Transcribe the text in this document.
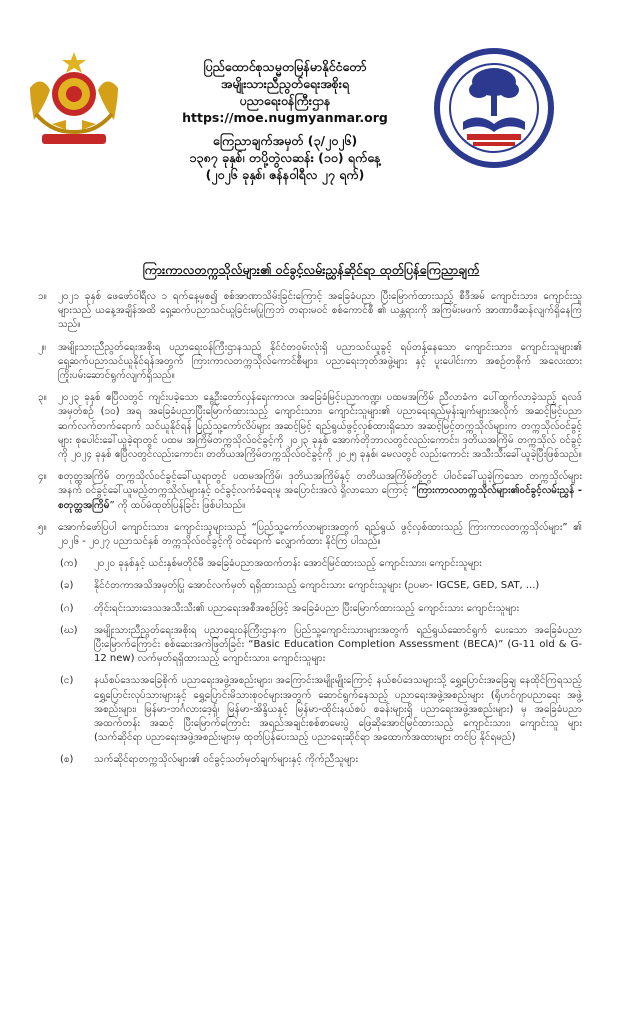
ပြည်ထောင်စုသမ္မတမြန်မာနိုင်ငံတော်
အမျိုးသားညီညွတ်ရေးအစိုးရ
ပညာရေးဝန်ကြီးဌာန
https://moe.nugmyanmar.org
ကြေညာချက်အမှတ် (၃/၂၀၂၆)
၁၃၈၇ ခုနှစ်၊ တပို့တွဲလဆန်း (၁၀) ရက်နေ့
(၂၀၂၆ ခုနှစ်၊ ဇန်နဝါရီလ ၂၇ ရက်)
ကြားကာလတက္ကသိုလ်များ၏ ဝင်ခွင့်လမ်းညွှန်ဆိုင်ရာ ထုတ်ပြန်ကြေညာချက်
၁။ ၂၀၂၁ ခုနှစ် ဖေဖော်ဝါရီလ ၁ ရက်နေ့မှစ၍ စစ်အာဏာသိမ်းခြင်းကြောင့် အခြေခံပညာ ပြီးမြောက်ထားသည့် စီဒီအမ် ကျောင်းသား၊ ကျောင်းသူများသည် ယနေ့အချိန်အထိ ရှေ့ဆက်ပညာသင်ယူခြင်းမပြုကြဘဲ တရားမဝင် စစ်ကောင်စီ ၏ ယန္တရားကို အကြမ်းမဖက် အာဏာဖီဆန်လျက်ရှိနေကြသည်။
၂။ အမျိုးသားညီညွတ်ရေးအစိုးရ ပညာရေးဝန်ကြီးဌာနသည် နိုင်ငံတဝှမ်းလုံးရှိ ပညာသင်ယူခွင့် ရပ်တန့်နေသော ကျောင်းသား၊ ကျောင်းသူများ၏ ရှေ့ဆက်ပညာသင်ယူနိုင်ရန်အတွက် ကြားကာလတက္ကသိုလ်ကောင်စီများ၊ ပညာရေးဘုတ်အဖွဲ့များ နှင့် ပူးပေါင်းကာ အစဉ်တစိုက် အလေးထား ကြိုးပမ်းဆောင်ရွက်လျက်ရှိသည်။
၃။ ၂၀၂၃ ခုနှစ် ဧပြီလတွင် ကျင်းပခဲ့သော နွေဦးတော်လှန်ရေးကာလ၊ အခြေခံမြင့်ပညာကဏ္ဍ၊ ပထမအကြိမ် ညီလာခံက ပေါ်ထွက်လာခဲ့သည့် ရလဒ် အမှတ်စဉ် (၁၀) အရ အခြေခံပညာပြီးမြောက်ထားသည့် ကျောင်းသား၊ ကျောင်းသူများ၏ ပညာရေးရည်မှန်းချက်များအလိုက် အဆင့်မြင့်ပညာ ဆက်လက်တက်ရောက် သင်ယူနိုင်ရန် ပြည်သူ့ကော်လိပ်များ အဆင့်မြင့် ရည်ရွယ်ဖွင့်လှစ်ထားရှိသော အဆင့်မြင့်တက္ကသိုလ်များက တက္ကသိုလ်ဝင်ခွင့်များ စုပေါင်းခေါ်ယူခဲ့ရာတွင် ပထမ အကြိမ်တက္ကသိုလ်ဝင်ခွင့်ကို ၂၀၂၃ ခုနှစ် အောက်တိုဘာလတွင်လည်းကောင်း၊ ဒုတိယအကြိမ် တက္ကသိုလ် ဝင်ခွင့်ကို ၂၀၂၄ ခုနှစ် ဧပြီလတွင်လည်းကောင်း၊ တတိယအကြိမ်တက္ကသိုလ်ဝင်ခွင့်ကို ၂၀၂၅ ခုနှစ်၊ မေလတွင် လည်းကောင်း အသီးသီးခေါ်ယူခဲ့ပြီးဖြစ်သည်။
၄။ စတုတ္ထအကြိမ် တက္ကသိုလ်ဝင်ခွင့်ခေါ်ယူရာတွင် ပထမအကြိမ်၊ ဒုတိယအကြိမ်နှင့် တတိယအကြိမ်တို့တွင် ပါဝင်ခေါ်ယူခဲ့ကြသော တက္ကသိုလ်များအနက် ဝင်ခွင့်ခေါ်ယူမည့်တက္ကသိုလ်များနှင့် ဝင်ခွင့်လက်ခံရေးမူ အပြောင်းအလဲ ရှိလာသော ကြောင့် “ကြားကာလတက္ကသိုလ်များ၏ဝင်ခွင့်လမ်းညွှန် - စတုတ္ထအကြိမ်” ကို ထပ်မံထုတ်ပြန်ခြင်း ဖြစ်ပါသည်။
၅။ အောက်ဖော်ပြပါ ကျောင်းသား၊ ကျောင်းသူများသည် “ပြည်သူ့ကော်လာများအတွက် ရည်ရွယ် ဖွင့်လှစ်ထားသည့် ကြားကာလတက္ကသိုလ်များ” ၏ ၂၀၂၆ - ၂၀၂၇ ပညာသင်နှစ် တက္ကသိုလ်ဝင်ခွင့်ကို ဝင်ရောက် လျှောက်ထား နိုင်ကြ ပါသည်။
(က) ၂၀၂၀ ခုနှစ်နှင့် ယင်းနှစ်မတိုင်မီ အခြေခံပညာအထက်တန်း အောင်မြင်ထားသည့် ကျောင်းသား၊ ကျောင်းသူများ
(ခ) နိုင်ငံတကာအသိအမှတ်ပြု အောင်လက်မှတ် ရရှိထားသည့် ကျောင်းသား ကျောင်းသူများ (ဥပမာ- IGCSE, GED, SAT, ...)
(ဂ) တိုင်းရင်းသားဒေသအသီးသီး၏ ပညာရေးအစီအစဉ်ဖြင့် အခြေခံပညာ ပြီးမြောက်ထားသည့် ကျောင်းသား ကျောင်းသူများ
(ဃ) အမျိုးသားညီညွတ်ရေးအစိုးရ ပညာရေးဝန်ကြီးဌာနက ပြည်သူ့ကျောင်းသားများအတွက် ရည်ရွယ်ဆောင်ရွက် ပေးသော အခြေခံပညာပြီးမြောက်ကြောင်း စစ်ဆေးအကဲဖြတ်ခြင်း “Basic Education Completion Assessment (BECA)” (G-11 old & G-12 new) လက်မှတ်ရရှိထားသည့် ကျောင်းသား၊ ကျောင်းသူများ
(င) နယ်စပ်ဒေသအခြေစိုက် ပညာရေးအဖွဲ့အစည်းများ၊ အကြောင်းအမျိုးမျိုးကြောင့် နယ်စပ်ဒေသများသို့ ရွှေ့ပြောင်းအခြေချ နေထိုင်ကြရသည့် ရွှေ့ပြောင်းလုပ်သားများနှင့် ရွှေ့ပြောင်းမိသားစုဝင်များအတွက် ဆောင်ရွက်နေသည့် ပညာရေးအဖွဲ့အစည်းများ (ရိုဟင်ဂျာပညာရေး အဖွဲ့အစည်းများ၊ မြန်မာ-ဘင်္ဂလားဒေ့ရှ်၊ မြန်မာ-အိန္ဒိယနှင့် မြန်မာ-ထိုင်းနယ်စပ် စခန်းများရှိ ပညာရေးအဖွဲ့အစည်းများ) မှ အခြေခံပညာ အထက်တန်း အဆင့် ပြီးမြောက်ကြောင်း အရည်အချင်းစစ်စာမေးပွဲ ဖြေဆိုအောင်မြင်ထားသည့် ကျောင်းသား၊ ကျောင်းသူ များ (သက်ဆိုင်ရာ ပညာရေးအဖွဲ့အစည်းများမှ ထုတ်ပြန်ပေးသည့် ပညာရေးဆိုင်ရာ အထောက်အထားများ တင်ပြ နိုင်ရမည်)
(စ) သက်ဆိုင်ရာတက္ကသိုလ်များ၏ ဝင်ခွင့်သတ်မှတ်ချက်များနှင့် ကိုက်ညီသူများ
